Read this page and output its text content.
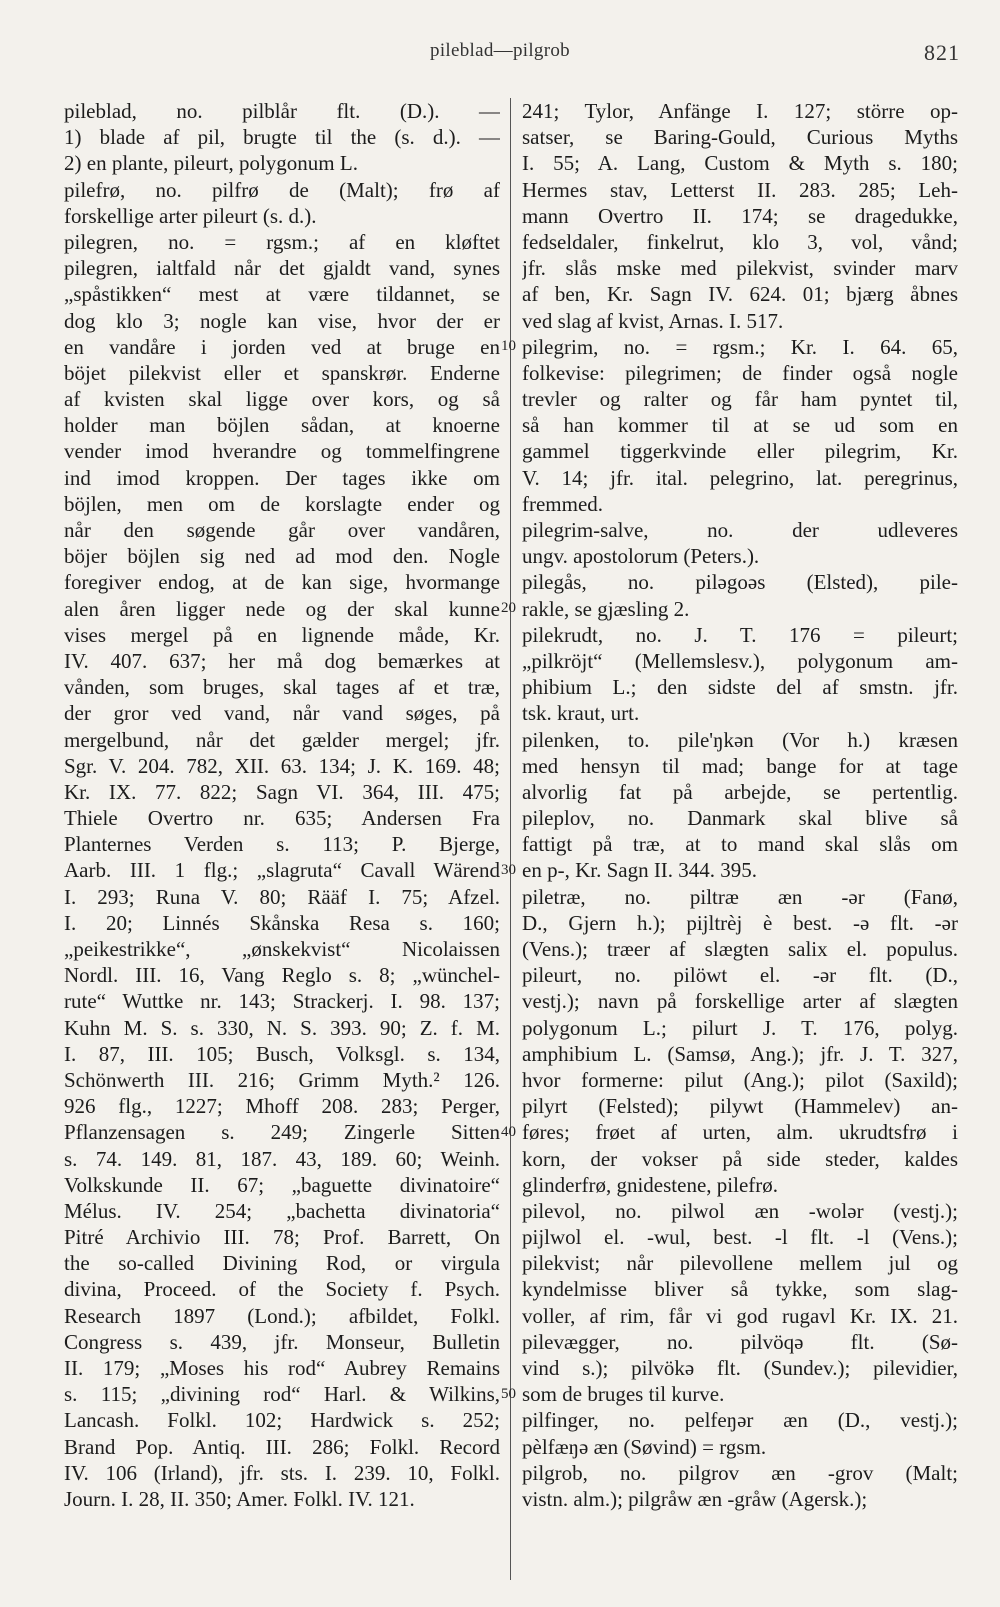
pileblad—pilgrob	821
pileblad, no. pilblår flt. (D.). —
1) blade af pil, brugte til the (s. d.). —
2) en plante, pileurt, polygonum L.
pilefrø, no. pilfrø de (Malt); frø af
forskellige arter pileurt (s. d.).
pilegren, no. = rgsm.; af en kløftet
pilegren, ialtfald når det gjaldt vand, synes
„spåstikken“ mest at være tildannet, se
dog klo 3; nogle kan vise, hvor der er
en vandåre i jorden ved at bruge en
böjet pilekvist eller et spanskrør. Enderne
af kvisten skal ligge over kors, og så
holder man böjlen sådan, at knoerne
vender imod hverandre og tommelfingrene
ind imod kroppen. Der tages ikke om
böjlen, men om de korslagte ender og
når den søgende går over vandåren,
böjer böjlen sig ned ad mod den. Nogle
foregiver endog, at de kan sige, hvormange
alen åren ligger nede og der skal kunne
vises mergel på en lignende måde, Kr.
IV. 407. 637; her må dog bemærkes at
vånden, som bruges, skal tages af et træ,
der gror ved vand, når vand søges, på
mergelbund, når det gælder mergel; jfr.
Sgr. V. 204. 782, XII. 63. 134; J. K. 169. 48;
Kr. IX. 77. 822; Sagn VI. 364, III. 475;
Thiele Overtro nr. 635; Andersen Fra
Planternes Verden s. 113; P. Bjerge,
Aarb. III. 1 flg.; „slagruta“ Cavall Wärend
I. 293; Runa V. 80; Rääf I. 75; Afzel.
I. 20; Linnés Skånska Resa s. 160;
„peikestrikke“, „ønskekvist“ Nicolaissen
Nordl. III. 16, Vang Reglo s. 8; „wünchel-
rute“ Wuttke nr. 143; Strackerj. I. 98. 137;
Kuhn M. S. s. 330, N. S. 393. 90; Z. f. M.
I. 87, III. 105; Busch, Volksgl. s. 134,
Schönwerth III. 216; Grimm Myth.² 126.
926 flg., 1227; Mhoff 208. 283; Perger,
Pflanzensagen s. 249; Zingerle Sitten
s. 74. 149. 81, 187. 43, 189. 60; Weinh.
Volkskunde II. 67; „baguette divinatoire“
Mélus. IV. 254; „bachetta divinatoria“
Pitré Archivio III. 78; Prof. Barrett, On
the so-called Divining Rod, or virgula
divina, Proceed. of the Society f. Psych.
Research 1897 (Lond.); afbildet, Folkl.
Congress s. 439, jfr. Monseur, Bulletin
II. 179; „Moses his rod“ Aubrey Remains
s. 115; „divining rod“ Harl. & Wilkins,
Lancash. Folkl. 102; Hardwick s. 252;
Brand Pop. Antiq. III. 286; Folkl. Record
IV. 106 (Irland), jfr. sts. I. 239. 10, Folkl.
Journ. I. 28, II. 350; Amer. Folkl. IV. 121.
241; Tylor, Anfänge I. 127; större op-
satser, se Baring-Gould, Curious Myths
I. 55; A. Lang, Custom & Myth s. 180;
Hermes stav, Letterst II. 283. 285; Leh-
mann Overtro II. 174; se dragedukke,
fedseldaler, finkelrut, klo 3, vol, vånd;
jfr. slås mske med pilekvist, svinder marv
af ben, Kr. Sagn IV. 624. 01; bjærg åbnes
ved slag af kvist, Arnas. I. 517.
pilegrim, no. = rgsm.; Kr. I. 64. 65,
folkevise: pilegrimen; de finder også nogle
trevler og ralter og får ham pyntet til,
så han kommer til at se ud som en
gammel tiggerkvinde eller pilegrim, Kr.
V. 14; jfr. ital. pelegrino, lat. peregrinus,
fremmed.
pilegrim-salve, no. der udleveres
ungv. apostolorum (Peters.).
pilegås, no. piləgoəs (Elsted), pile-
rakle, se gjæsling 2.
pilekrudt, no. J. T. 176 = pileurt;
„pilkröjt“ (Mellemslesv.), polygonum am-
phibium L.; den sidste del af smstn. jfr.
tsk. kraut, urt.
pilenken, to. pile'ŋkən (Vor h.) kræsen
med hensyn til mad; bange for at tage
alvorlig fat på arbejde, se pertentlig.
pileplov, no. Danmark skal blive så
fattigt på træ, at to mand skal slås om
en p-, Kr. Sagn II. 344. 395.
piletræ, no. piltræ æn -ər (Fanø,
D., Gjern h.); pijltrèj è best. -ə flt. -ər
(Vens.); træer af slægten salix el. populus.
pileurt, no. pilöwt el. -ər flt. (D.,
vestj.); navn på forskellige arter af slægten
polygonum L.; pilurt J. T. 176, polyg.
amphibium L. (Samsø, Ang.); jfr. J. T. 327,
hvor formerne: pilut (Ang.); pilot (Saxild);
pilyrt (Felsted); pilywt (Hammelev) an-
føres; frøet af urten, alm. ukrudtsfrø i
korn, der vokser på side steder, kaldes
glinderfrø, gnidestene, pilefrø.
pilevol, no. pilwol æn -wolər (vestj.);
pijlwol el. -wul, best. -l flt. -l (Vens.);
pilekvist; når pilevollene mellem jul og
kyndelmisse bliver så tykke, som slag-
voller, af rim, får vi god rugavl Kr. IX. 21.
pilevægger, no. pilvöqə flt. (Sø-
vind s.); pilvökə flt. (Sundev.); pilevidier,
som de bruges til kurve.
pilfinger, no. pelfeŋər æn (D., vestj.);
pèlfæŋə æn (Søvind) = rgsm.
pilgrob, no. pilgrov æn -grov (Malt;
vistn. alm.); pilgråw æn -gråw (Agersk.);
10
20
30
40
50
